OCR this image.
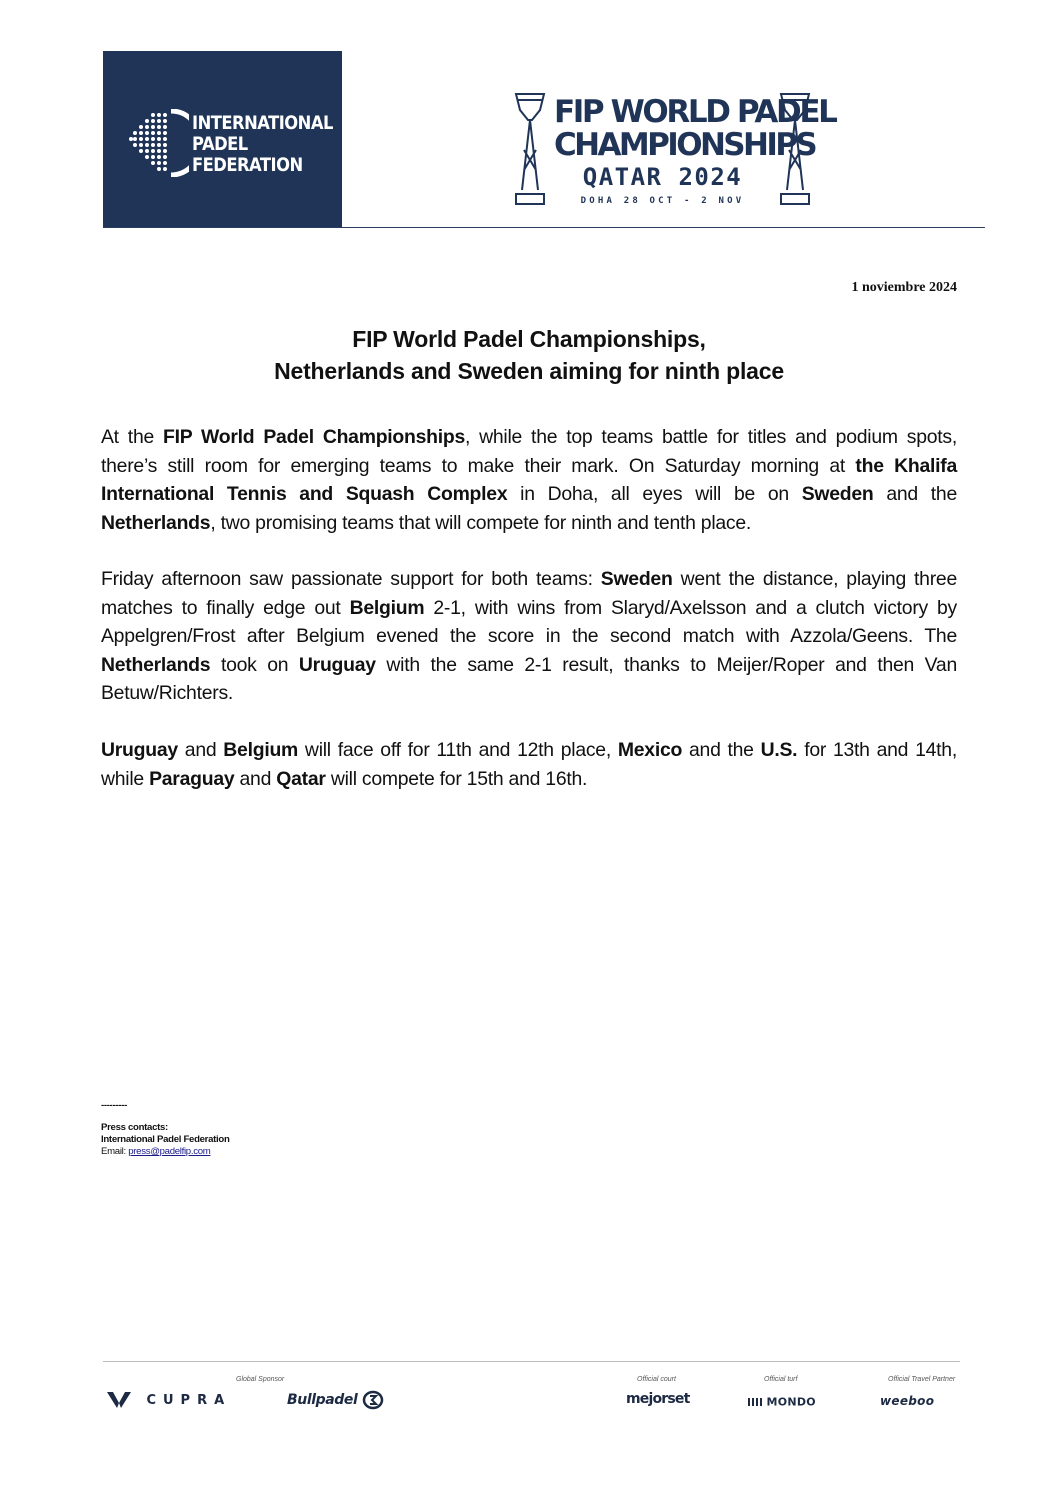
INTERNATIONAL
PADEL
FEDERATION
FIP WORLD PADEL
CHAMPIONSHIPS
QATAR 2024
DOHA 28 OCT - 2 NOV
1 noviembre 2024
FIP World Padel Championships,
Netherlands and Sweden aiming for ninth place
At the FIP World Padel Championships, while the top teams battle for titles and podium spots, there’s still room for emerging teams to make their mark. On Saturday morning at the Khalifa International Tennis and Squash Complex in Doha, all eyes will be on Sweden and the Netherlands, two promising teams that will compete for ninth and tenth place.
Friday afternoon saw passionate support for both teams: Sweden went the distance, playing three matches to finally edge out Belgium 2-1, with wins from Slaryd/Axelsson and a clutch victory by Appelgren/Frost after Belgium evened the score in the second match with Azzola/Geens. The Netherlands took on Uruguay with the same 2-1 result, thanks to Meijer/Roper and then Van Betuw/Richters.
Uruguay and Belgium will face off for 11th and 12th place, Mexico and the U.S. for 13th and 14th, while Paraguay and Qatar will compete for 15th and 16th.
---------
Press contacts:
International Padel Federation
Email: press@padelfip.com
Global Sponsor	Official court	Official turf	Official Travel Partner
CUPRA	Bullpadel	mejorset	MONDO	weeboo
